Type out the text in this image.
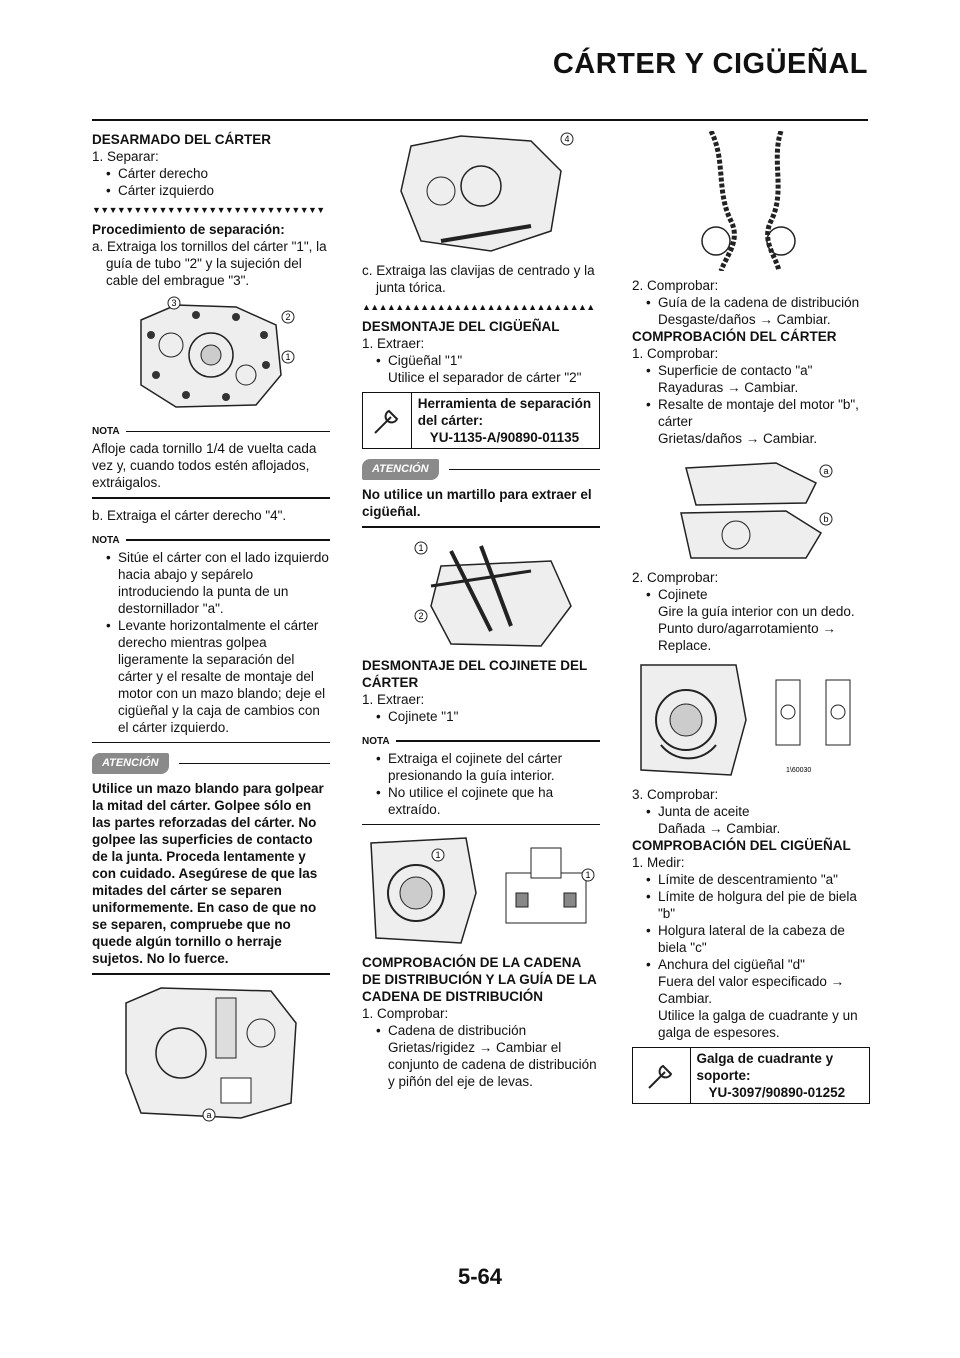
CÁRTER Y CIGÜEÑAL

DESARMADO DEL CÁRTER

1. Separar:

• Cárter derecho

• Cárter izquierdo

▼▼▼▼▼▼▼▼▼▼▼▼▼▼▼▼▼▼▼▼▼▼▼▼▼▼▼▼

Procedimiento de separación:

a. Extraiga los tornillos del cárter "1", la guía de tubo "2" y la sujeción del cable del embrague "3".

3
2
1
NOTA

Afloje cada tornillo 1/4 de vuelta cada vez y, cuando todos estén aflojados, extráigalos.

b. Extraiga el cárter derecho "4".

NOTA

• Sitúe el cárter con el lado izquierdo hacia abajo y sepárelo introduciendo la punta de un destornillador "a".

• Levante horizontalmente el cárter derecho mientras golpea ligeramente la separación del cárter y el resalte de montaje del motor con un mazo blando; deje el cigüeñal y la caja de cambios con el cárter izquierdo.

ATENCIÓN

Utilice un mazo blando para golpear la mitad del cárter. Golpee sólo en las partes reforzadas del cárter. No golpee las superficies de contacto de la junta. Proceda lentamente y con cuidado. Asegúrese de que las mitades del cárter se separen uniformemente. En caso de que no se separen, compruebe que no quede algún tornillo o herraje sujetos. No lo fuerce.

a
4

c. Extraiga las clavijas de centrado y la junta tórica.

▲▲▲▲▲▲▲▲▲▲▲▲▲▲▲▲▲▲▲▲▲▲▲▲▲▲▲▲

DESMONTAJE DEL CIGÜEÑAL

1. Extraer:

• Cigüeñal "1"

Utilice el separador de cárter "2"

Herramienta de separación del cárter:
YU-1135-A/90890-01135
ATENCIÓN

No utilice un martillo para extraer el cigüeñal.

1
2

DESMONTAJE DEL COJINETE DEL CÁRTER

1. Extraer:

• Cojinete "1"

NOTA

• Extraiga el cojinete del cárter presionando la guía interior.

• No utilice el cojinete que ha extraído.

1
1

COMPROBACIÓN DE LA CADENA DE DISTRIBUCIÓN Y LA GUÍA DE LA CADENA DE DISTRIBUCIÓN

1. Comprobar:

• Cadena de distribución

Grietas/rigidez → Cambiar el conjunto de cadena de distribución y piñón del eje de levas.

2. Comprobar:

• Guía de la cadena de distribución

Desgaste/daños → Cambiar.

COMPROBACIÓN DEL CÁRTER

1. Comprobar:

• Superficie de contacto "a"

Rayaduras → Cambiar.

• Resalte de montaje del motor "b", cárter

Grietas/daños → Cambiar.

a
b

2. Comprobar:

• Cojinete

Gire la guía interior con un dedo. Punto duro/agarrotamiento → Replace.

1\60030

3. Comprobar:

• Junta de aceite

Dañada → Cambiar.

COMPROBACIÓN DEL CIGÜEÑAL

1. Medir:

• Límite de descentramiento "a"

• Límite de holgura del pie de biela "b"

• Holgura lateral de la cabeza de biela "c"

• Anchura del cigüeñal "d"

Fuera del valor especificado → Cambiar.

Utilice la galga de cuadrante y un galga de espesores.

Galga de cuadrante y soporte:
YU-3097/90890-01252
5-64
